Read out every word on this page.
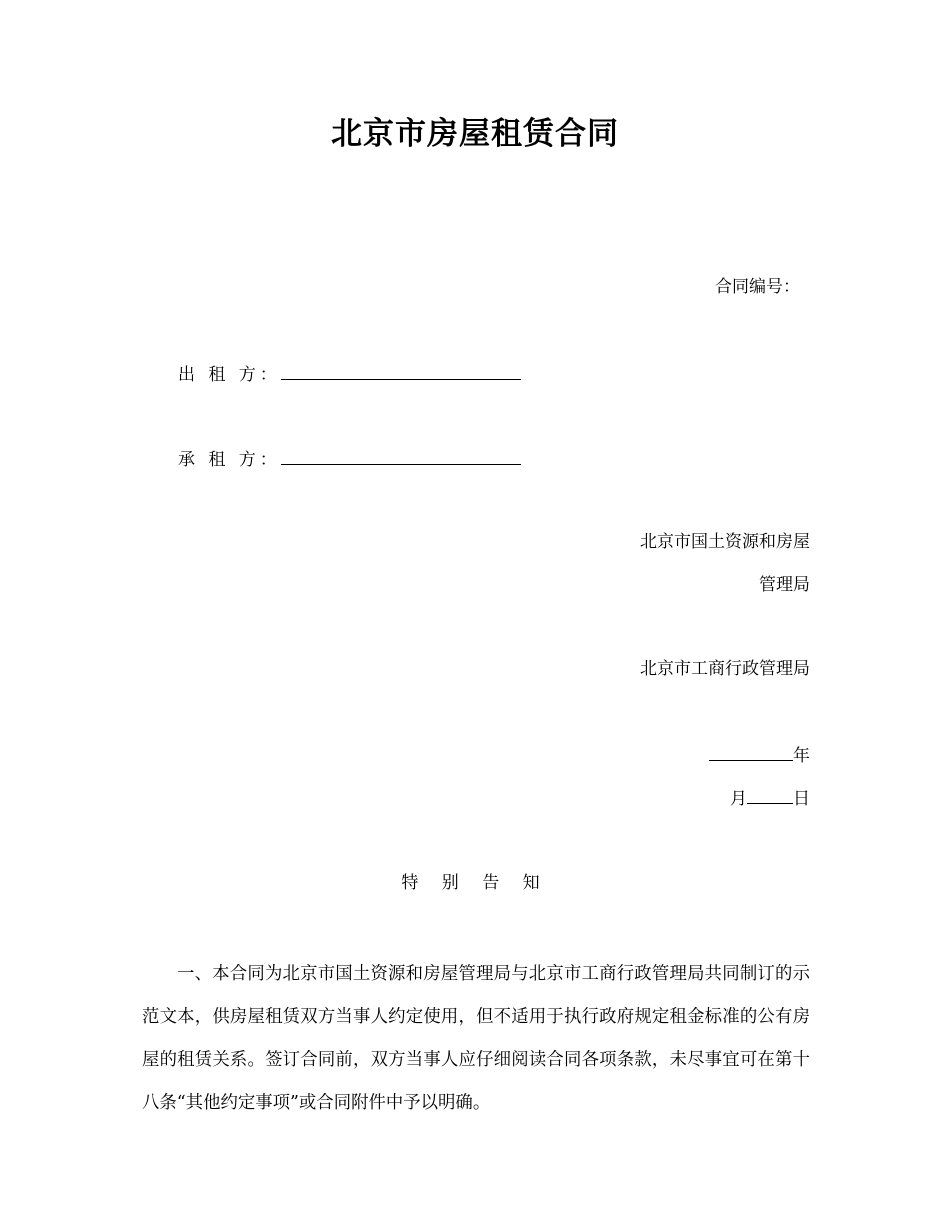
北京市房屋租赁合同
合同编号：
出 租 方：
承 租 方：
北京市国土资源和房屋
管理局
北京市工商行政管理局
年
月	日
特 别 告 知
一、本合同为北京市国土资源和房屋管理局与北京市工商行政管理局共同制订的示范文本，供房屋租赁双方当事人约定使用，但不适用于执行政府规定租金标准的公有房屋的租赁关系。签订合同前，双方当事人应仔细阅读合同各项条款，未尽事宜可在第十八条“其他约定事项”或合同附件中予以明确。
